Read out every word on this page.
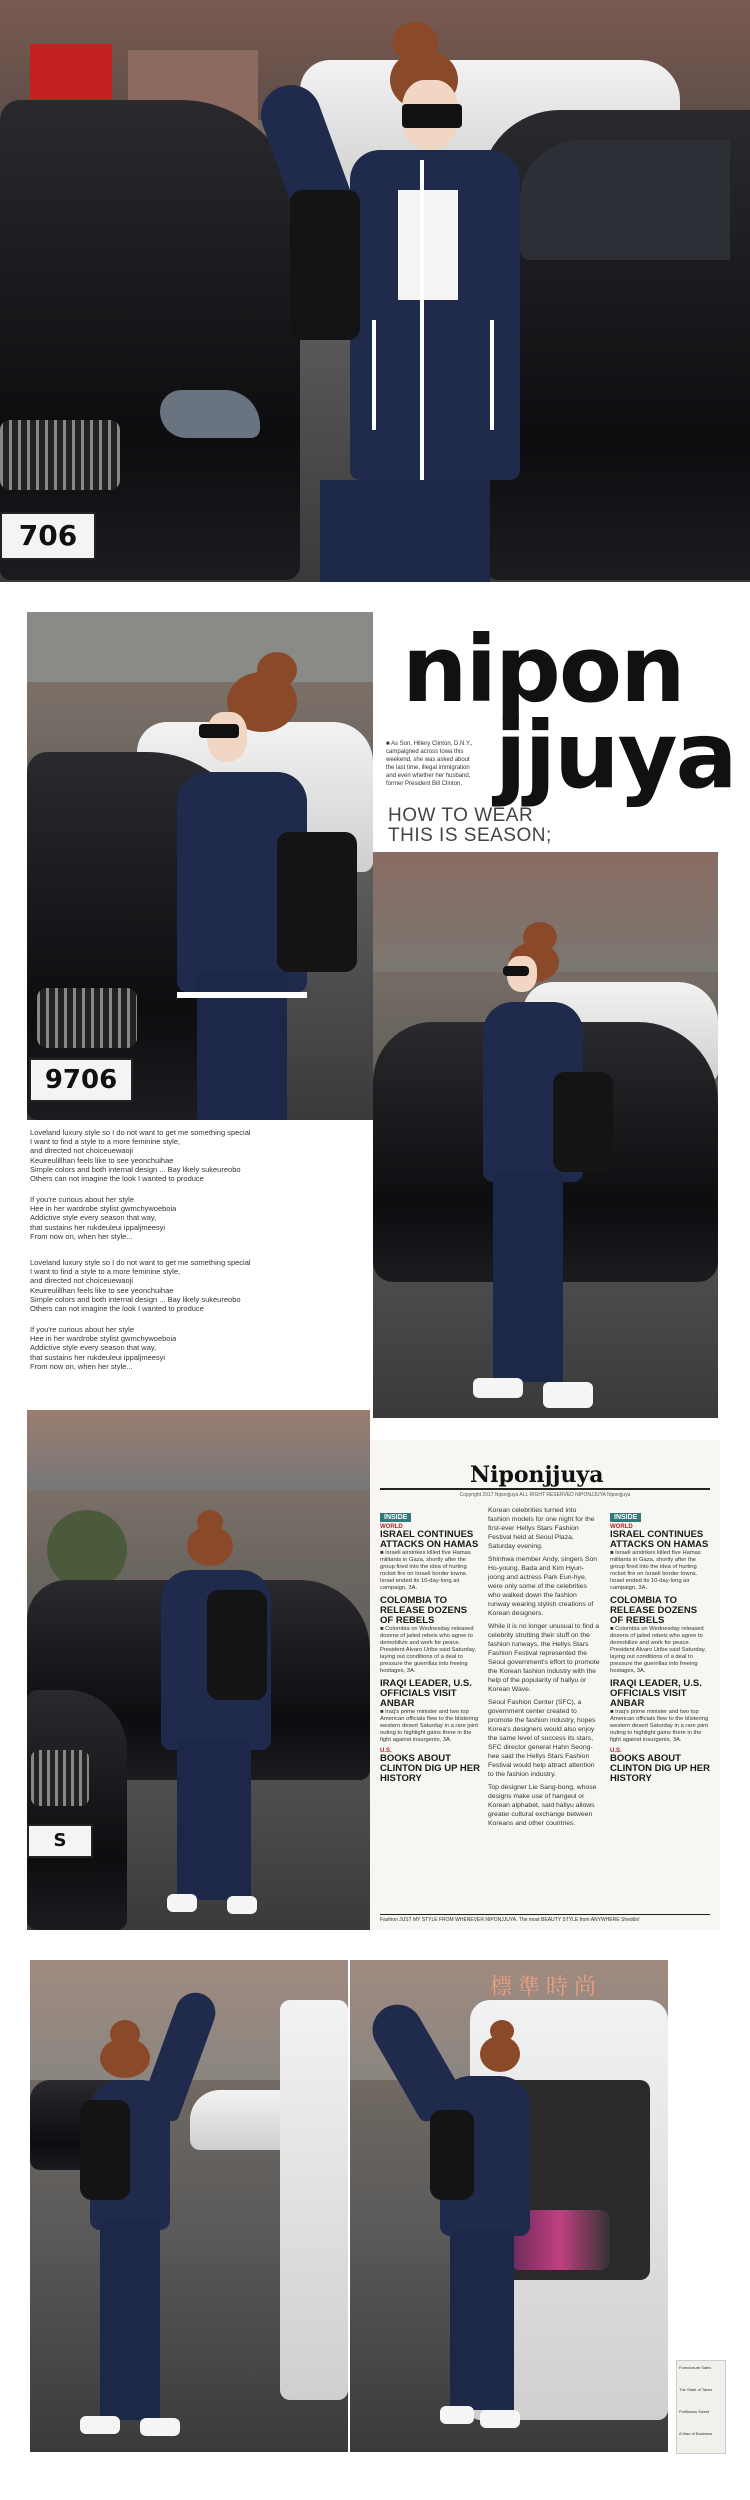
706
9706
nipon
jjuya
■ As Son, Hillery Clinton, D.N.Y.,
campaigned across Iowa this
weekend, she was asked about
the last time, illegal immigration
and even whether her husband,
former President Bill Clinton,
HOW TO WEAR
THIS IS SEASON;
Loveland luxury style so I do not want to get me something special
I want to find a style to a more feminine style,
and directed not choiceuewaoji
Keuireulillhan feels like to see yeonchuihae
Simple colors and both internal design ... Bay likely sukeureobo
Others can not imagine the look I wanted to produce
If you're curious about her style
Hee in her wardrobe stylist gwmchywoeboia
Addictive style every season that way,
that sustains her rukdeuleui ippaljmeesyi
From now on, when her style...
Loveland luxury style so I do not want to get me something special
I want to find a style to a more feminine style,
and directed not choiceuewaoji
Keuireulillhan feels like to see yeonchuihae
Simple colors and both internal design ... Bay likely sukeureobo
Others can not imagine the look I wanted to produce
If you're curious about her style
Hee in her wardrobe stylist gwmchywoeboia
Addictive style every season that way,
that sustains her rukdeuleui ippaljmeesyi
From now on, when her style...
S 9706
Niponjjuya
Copyright 2017 Niponjjuya ALL RIGHT RESERVED NIPONJJUYA Niponjjuya
INSIDE
WORLD
ISRAEL CONTINUES ATTACKS ON HAMAS
■ Israeli airstrikes killed five Hamas militants in Gaza, shortly after the group fired into the idea of hurting rocket fire on Israeli border towns. Israel ended its 10-day-long air campaign, 3A.
COLOMBIA TO RELEASE DOZENS OF REBELS
■ Colombia on Wednesday released dozens of jailed rebels who agree to demobilize and work for peace. President Alvaro Uribe said Saturday, laying out conditions of a deal to pressure the guerrillas into freeing hostages, 3A.
IRAQI LEADER, U.S. OFFICIALS VISIT ANBAR
■ Iraq's prime minister and two top American officials flew to the blistering western desert Saturday in a rare joint outing to highlight gains there in the fight against insurgents, 3A.
U.S.
BOOKS ABOUT CLINTON DIG UP HER HISTORY

Korean celebrities turned into fashion models for one night for the first-ever Hellys Stars Fashion Festival held at Seoul Plaza, Saturday evening.

Shinhwa member Andy, singers Son Ho-young, Bada and Kim Hyun-joong and actress Park Eun-hye, were only some of the celebrities who walked down the fashion runway wearing stylish creations of Korean designers.

While it is no longer unusual to find a celebrity strutting their stuff on the fashion runways, the Hellys Stars Fashion Festival represented the Seoul government's effort to promote the Korean fashion industry with the help of the popularity of hallyu or Korean Wave.

Seoul Fashion Center (SFC), a government center created to promote the fashion industry, hopes Korea's designers would also enjoy the same level of success its stars, SFC director general Hahn Seong-hee said the Hellys Stars Fashion Festival would help attract attention to the fashion industry.

Top designer Lie Sang-bong, whose designs make use of hangeul or Korean alphabet, said hallyu allows greater cultural exchange between Koreans and other countries.

INSIDE
WORLD
ISRAEL CONTINUES ATTACKS ON HAMAS
■ Israeli airstrikes killed five Hamas militants in Gaza, shortly after the group fired into the idea of hurting rocket fire on Israeli border towns. Israel ended its 10-day-long air campaign, 3A.
COLOMBIA TO RELEASE DOZENS OF REBELS
■ Colombia on Wednesday released dozens of jailed rebels who agree to demobilize and work for peace. President Alvaro Uribe said Saturday, laying out conditions of a deal to pressure the guerrillas into freeing hostages, 3A.
IRAQI LEADER, U.S. OFFICIALS VISIT ANBAR
■ Iraq's prime minister and two top American officials flew to the blistering western desert Saturday in a rare joint outing to highlight gains there in the fight against insurgents, 3A.
U.S.
BOOKS ABOUT CLINTON DIG UP HER HISTORY
Fashion JUST MY STYLE FROM WHENEVER NIPONJJUYA. The most BEAUTY STYLE from ANYWHERE Sheddo!
標準時尚
Foreclosure Sales
The State of Taxes
Politicians Sweet
A Man of Business
